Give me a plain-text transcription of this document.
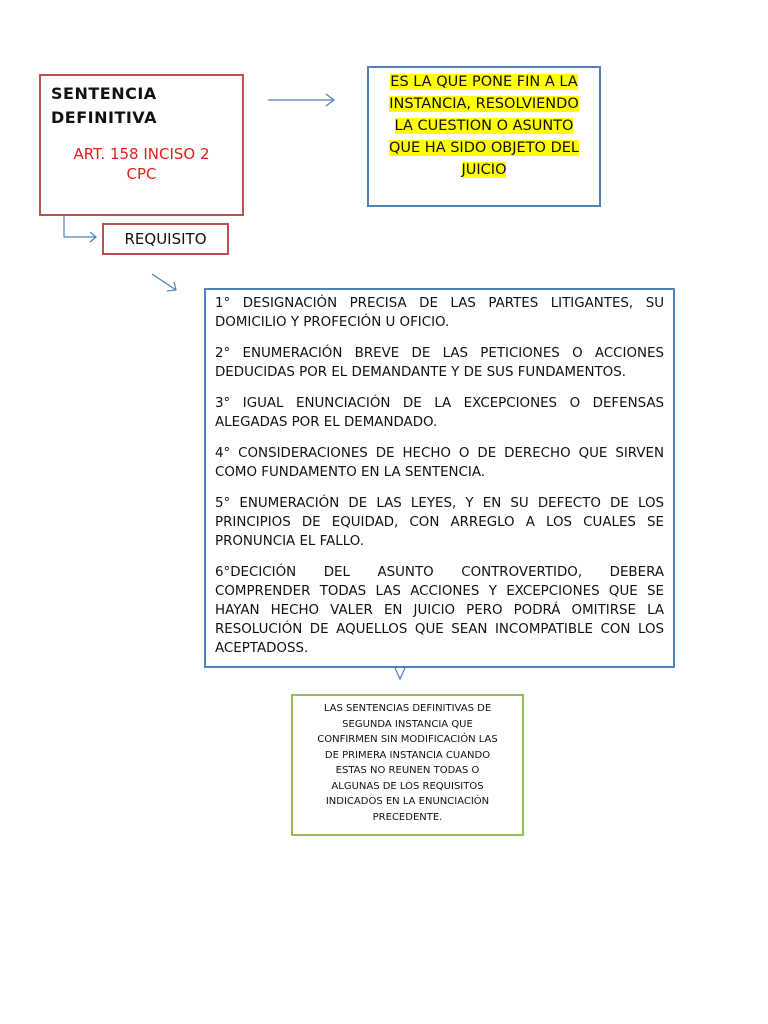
SENTENCIA
DEFINITIVA
ART. 158 INCISO 2
CPC
ES LA QUE PONE FIN A LA
INSTANCIA, RESOLVIENDO
LA CUESTION O ASUNTO
QUE HA SIDO OBJETO DEL
JUICIO
REQUISITO

1° DESIGNACIÓN PRECISA DE LAS PARTES LITIGANTES, SU DOMICILIO Y PROFECIÓN U OFICIO.

2° ENUMERACIÓN BREVE DE LAS PETICIONES O ACCIONES DEDUCIDAS POR EL DEMANDANTE Y DE SUS FUNDAMENTOS.

3° IGUAL ENUNCIACIÓN DE LA EXCEPCIONES O DEFENSAS ALEGADAS POR EL DEMANDADO.

4° CONSIDERACIONES DE HECHO O DE DERECHO QUE SIRVEN COMO FUNDAMENTO EN LA SENTENCIA.

5° ENUMERACIÓN DE LAS LEYES, Y EN SU DEFECTO DE LOS PRINCIPIOS DE EQUIDAD, CON ARREGLO A LOS CUALES SE PRONUNCIA EL FALLO.

6°DECICIÓN DEL ASUNTO CONTROVERTIDO, DEBERA COMPRENDER TODAS LAS ACCIONES Y EXCEPCIONES QUE SE HAYAN HECHO VALER EN JUICIO PERO PODRÁ OMITIRSE LA RESOLUCIÓN DE AQUELLOS QUE SEAN INCOMPATIBLE CON LOS ACEPTADOSS.

LAS SENTENCIAS DEFINITIVAS DE
SEGUNDA INSTANCIA QUE
CONFIRMEN SIN MODIFICACIÓN LAS
DE PRIMERA INSTANCIA CUANDO
ESTAS NO REUNEN TODAS O
ALGUNAS DE LOS REQUISITOS
INDICADOS EN LA ENUNCIACIÓN
PRECEDENTE.
